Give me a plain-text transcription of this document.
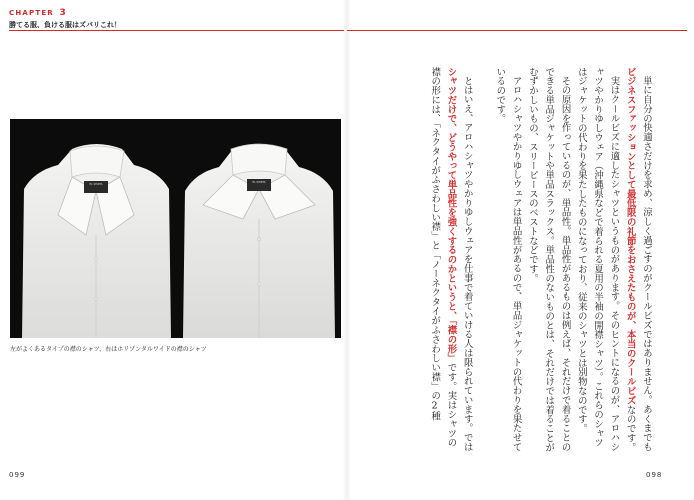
CHAPTER 3
勝てる服、負ける服はズバリこれ！
EL SHIRTS
EL SHIRTS
左がよくあるタイプの襟のシャツ、右はホリゾンタルワイドの襟のシャツ
099

単に自分の快適さだけを求め、涼しく過ごすのがクールビズではありません。あくまでもビジネスファッションとして最低限の礼節をおさえたものが、本当のクールビズなのです。

実はクールビズに適したシャツというものがあります。そのヒントになるのが、アロハシャツやかりゆしウェア（沖縄県などで着られる夏用の半袖の開襟シャツ）。これらのシャツはジャケットの代わりを果たしたものになっており、従来のシャツとは別物なのです。

その原因を作っているのが、単品性。単品性があるものは例えば、それだけで着ることのできる単品ジャケットや単品スラックス。単品性のないものとは、それだけでは着ることがむずかしいもの、スリーピースのベストなどです。

アロハシャツやかりゆしウェアは単品性があるので、単品ジャケットの代わりを果たせているのです。

とはいえ、アロハシャツやかりゆしウェアを仕事で着ていける人は限られています。ではシャツだけで、どうやって単品性を強くするのかというと、「襟の形」です。実はシャツの襟の形には、「ネクタイがふさわしい襟」と「ノーネクタイがふさわしい襟」の2種

098
